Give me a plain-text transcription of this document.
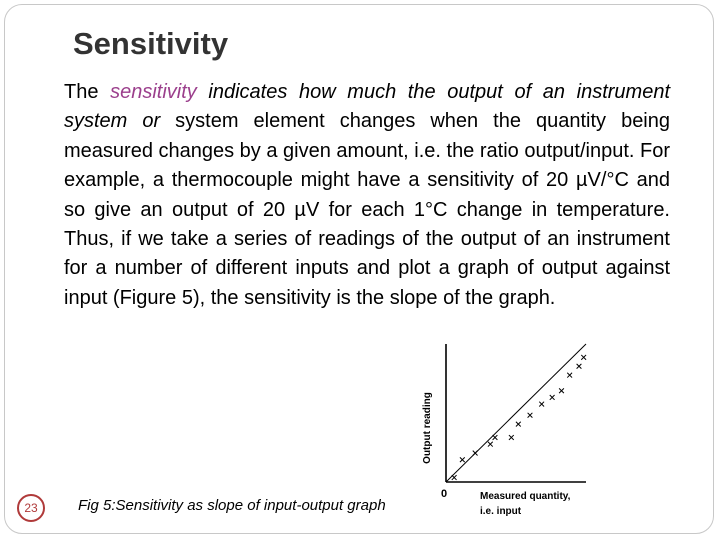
Sensitivity

The sensitivity indicates how much the output of an instrument system or system element changes when the quantity being measured changes by a given amount, i.e. the ratio output/input. For example, a thermocouple might have a sensitivity of 20 µV/°C and so give an output of 20 µV for each 1°C change in temperature. Thus, if we take a series of readings of the output of an instrument for a number of different inputs and plot a graph of output against input (Figure 5), the sensitivity is the slope of the graph.

Output reading
0	Measured quantity,
i.e. input

Fig 5:Sensitivity as slope of input-output graph

23
